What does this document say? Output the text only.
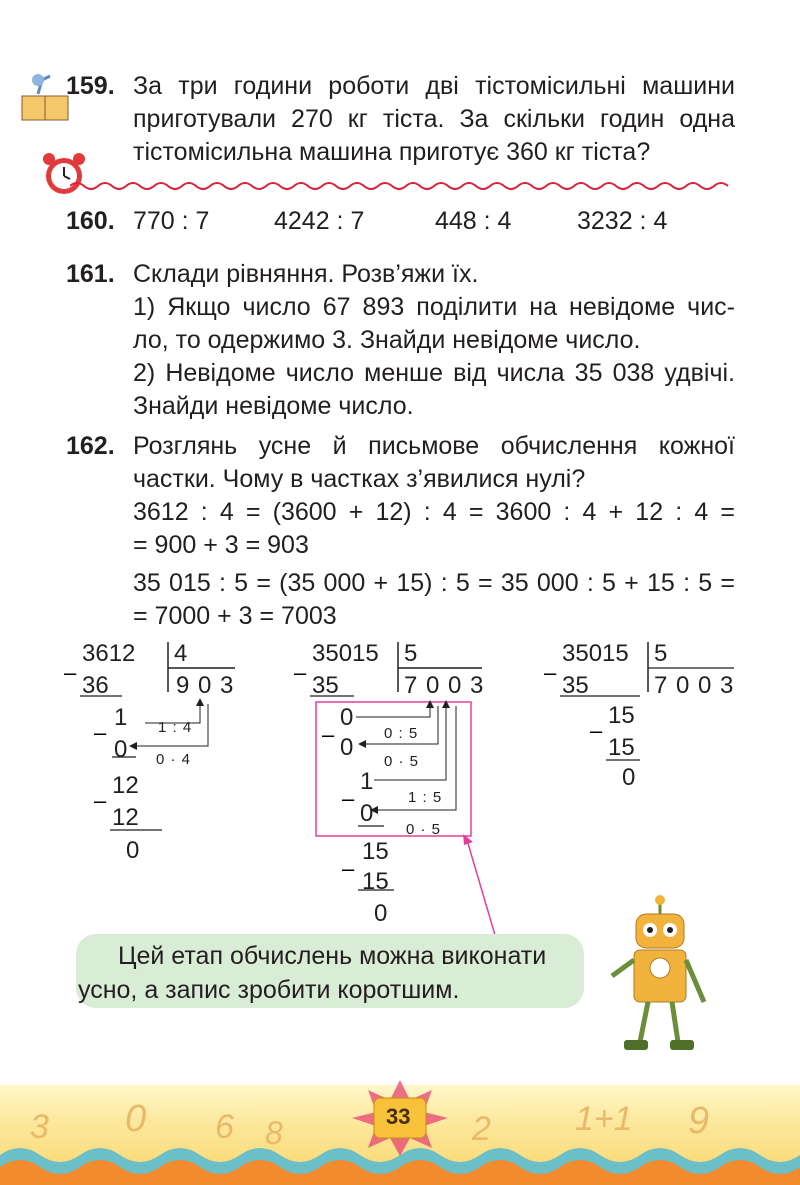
159. За три години роботи дві тістомісильні машини
приготували 270 кг тіста. За скільки годин одна
тістомісильна машина приготує 360 кг тіста?
160. 770 : 7	4242 : 7	448 : 4	3232 : 4
161. Склади рівняння. Розв’яжи їх.
1) Якщо число 67 893 поділити на невідоме чис-
ло, то одержимо 3. Знайди невідоме число.
2) Невідоме число менше від числа 35 038 удвічі.
Знайди невідоме число.
162. Розглянь усне й письмове обчислення кожної
частки. Чому в частках з’явилися нулі?
3612 : 4 = (3600 + 12) : 4 = 3600 : 4 + 12 : 4 =
= 900 + 3 = 903
35 015 : 5 = (35 000 + 15) : 5 = 35 000 : 5 + 15 : 5 =
= 7000 + 3 = 7003
–
–
–
3612 4
9 0 3
36
1
0
12
12
0
1 : 4
0 · 4
–
–
–
–
35015 5
7 0 0 3
35
0
0
1
0
15
15
0
0 : 5
0 · 5
1 : 5
0 · 5
–
–
35015 5
7 0 0 3
35
15
15
0
Цей етап обчислень можна виконати
усно, а запис зробити коротшим.
3 0 6 8	2 1+1 9
33
